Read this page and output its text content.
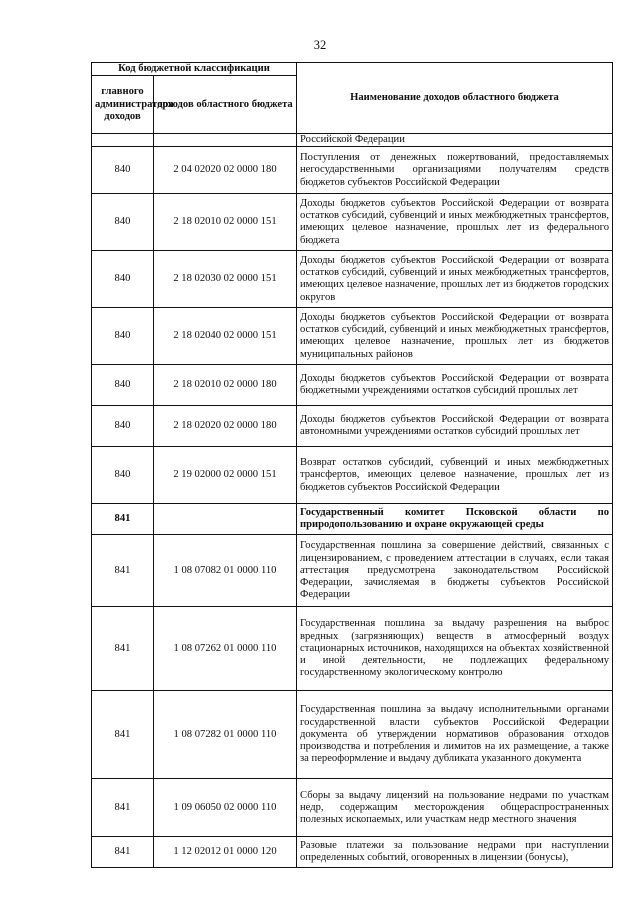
32
Код бюджетной классификации		Наименование доходов областного бюджета
главного администратора доходов	доходов областного бюджета	
		Российской Федерации
840	2 04 02020 02 0000 180	Поступления от денежных пожертвований, предоставляемых негосударственными организациями получателям средств бюджетов субъектов Российской Федерации
840	2 18 02010 02 0000 151	Доходы бюджетов субъектов Российской Федерации от возврата остатков субсидий, субвенций и иных межбюджетных трансфертов, имеющих целевое назначение, прошлых лет из федерального бюджета
840	2 18 02030 02 0000 151	Доходы бюджетов субъектов Российской Федерации от возврата остатков субсидий, субвенций и иных межбюджетных трансфертов, имеющих целевое назначение, прошлых лет из бюджетов городских округов
840	2 18 02040 02 0000 151	Доходы бюджетов субъектов Российской Федерации от возврата остатков субсидий, субвенций и иных межбюджетных трансфертов, имеющих целевое назначение, прошлых лет из бюджетов муниципальных районов
840	2 18 02010 02 0000 180	Доходы бюджетов субъектов Российской Федерации от возврата бюджетными учреждениями остатков субсидий прошлых лет
840	2 18 02020 02 0000 180	Доходы бюджетов субъектов Российской Федерации от возврата автономными учреждениями остатков субсидий прошлых лет
840	2 19 02000 02 0000 151	Возврат остатков субсидий, субвенций и иных межбюджетных трансфертов, имеющих целевое назначение, прошлых лет из бюджетов субъектов Российской Федерации
841		Государственный комитет Псковской области по природопользованию и охране окружающей среды
841	1 08 07082 01 0000 110	Государственная пошлина за совершение действий, связанных с лицензированием, с проведением аттестации в случаях, если такая аттестация предусмотрена законодательством Российской Федерации, зачисляемая в бюджеты субъектов Российской Федерации
841	1 08 07262 01 0000 110	Государственная пошлина за выдачу разрешения на выброс вредных (загрязняющих) веществ в атмосферный воздух стационарных источников, находящихся на объектах хозяйственной и иной деятельности, не подлежащих федеральному государственному экологическому контролю
841	1 08 07282 01 0000 110	Государственная пошлина за выдачу исполнительными органами государственной власти субъектов Российской Федерации документа об утверждении нормативов образования отходов производства и потребления и лимитов на их размещение, а также за переоформление и выдачу дубликата указанного документа
841	1 09 06050 02 0000 110	Сборы за выдачу лицензий на пользование недрами по участкам недр, содержащим месторождения общераспространенных полезных ископаемых, или участкам недр местного значения
841	1 12 02012 01 0000 120	Разовые платежи за пользование недрами при наступлении определенных событий, оговоренных в лицензии (бонусы),
